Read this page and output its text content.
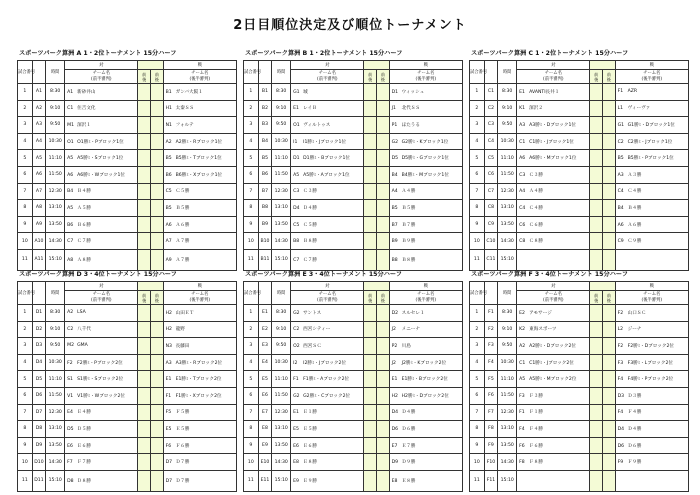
2日目順位決定及び順位トーナメント
スポーツパーク算洲 A 1・2位トーナメント 15分ハーフ
試合番号		時間	対			戦
			チーム名
(前半審判)	前
後	前
後	チーム名
(後半審判)
1	A1	8:30	A1 新砂井山			B1 ガンバ大阪１
2	A2	9:10	C1 住吉文化			H1 太秦ＳＳ
3	A3	9:50	M1 深沢１			N1 フォルテ
4	A4	10:30	O1 O1勝ﾐ・Pブロック1位			A2 A2勝ﾐ・Rブロック1位
5	A5	11:10	A5 A5勝ﾐ・Sブロック1位			B5 B5勝ﾐ・Tブロック1位
6	A6	11:50	A6 A6勝ﾐ・Wブロック1位			B6 B6勝ﾐ・Xブロック1位
7	A7	12:30	B4 Ｂ４勝			C5 Ｃ５勝
8	A8	13:10	A5 Ａ５勝			B5 Ｂ５勝
9	A9	13:50	B6 Ｂ６勝			A6 Ａ６勝
10	A10	14:30	C7 Ｃ７勝			A7 Ａ７勝
11	A11	15:10	A8 Ａ８勝			A9 Ａ７勝
スポーツパーク算洲 B 1・2位トーナメント 15分ハーフ
試合番号		時間	対			戦
			チーム名
(前半審判)	前
後	前
後	チーム名
(後半審判)
1	B1	8:30	G1 城			D1 ウィッシュ
2	B2	9:10	E1 レイＢ			J1 北代ＳＳ
3	B3	9:50	O1 ヴィルトゥス			P1 ほたうる
4	B4	10:30	I1 I1勝ﾐ・Jブロック1位			G2 G2勝ﾐ・Kブロック1位
5	B5	11:10	D1 D1勝ﾐ・Bブロック1位			D5 D5勝ﾐ・Gブロック1位
6	B6	11:50	A5 A5勝ﾐ・Aブロック1位			B4 B4勝ﾐ・Mブロック1位
7	B7	12:30	C3 Ｃ３勝			A4 Ａ４勝
8	B8	13:10	D4 Ｄ４勝			B5 Ｂ５勝
9	B9	13:50	C5 Ｃ５勝			B7 Ｂ７勝
10	B10	14:30	B8 Ｂ８勝			B9 Ｂ９勝
11	B11	15:10	C7 Ｃ７勝			B8 Ｂ８勝
スポーツパーク算洲 C 1・2位トーナメント 15分ハーフ
試合番号		時間	対			戦
			チーム名
(前半審判)	前
後	前
後	チーム名
(後半審判)
1	C1	8:30	E1 AVANTI長井１			F1 AZR
2	C2	9:10	K1 深沢２			L1 ヴィーヴァ
3	C3	9:50	A3 A3勝ﾐ・Dブロック1位			G1 G1勝ﾐ・Dブロック1位
4	C4	10:30	C1 C1勝ﾐ・Jブロック1位			C2 C2勝ﾐ・Jブロック1位
5	C5	11:10	A6 A6勝ﾐ・Mブロック1位			B5 B5勝ﾐ・Pブロック1位
6	C6	11:50	C3 Ｃ３勝			A3 Ａ３勝
7	C7	12:30	A4 Ａ４勝			C4 Ｃ４勝
8	C8	13:10	C4 Ｃ４勝			B4 Ｂ４勝
9	C9	13:50	C6 Ｃ６勝			A6 Ａ６勝
10	C10	14:30	C8 Ｃ８勝			C9 Ｃ９勝
11	C11	15:10				
スポーツパーク算洲 D 3・4位トーナメント 15分ハーフ
試合番号		時間	対			戦
			チーム名
(前半審判)	前
後	前
後	チーム名
(後半審判)
1	D1	8:30	A2 LSA			H2 山田ＥＴ
2	D2	9:10	C2 八千代			H2 龍野
3	D3	9:50	M2 GMA			N3 長藤田
4	D4	10:30	F2 F2勝ﾐ・Pブロック2位			A3 A3勝ﾐ・Rブロック2位
5	D5	11:10	S1 S1勝ﾐ・Sブロック2位			E1 E1勝ﾐ・Tブロック2位
6	D6	11:50	V1 V1勝ﾐ・Wブロック2位			F1 F1勝ﾐ・Xブロック2位
7	D7	12:30	E4 Ｅ４勝			F5 Ｆ５勝
8	D8	13:10	D5 Ｄ５勝			E5 Ｅ５勝
9	D9	13:50	E6 Ｅ６勝			F6 Ｆ６勝
10	D10	14:30	F7 Ｆ７勝			D7 Ｄ７勝
11	D11	15:10	D8 Ｄ８勝			D7 Ｄ７勝
スポーツパーク算洲 E 3・4位トーナメント 15分ハーフ
試合番号		時間	対			戦
			チーム名
(前半審判)	前
後	前
後	チーム名
(後半審判)
1	E1	8:30	G2 サントス			D2 スルセレ１
2	E2	9:10	C2 西宮シティー			J2 メニーナ
3	E3	9:50	O2 西宮ＳＣ			P2 川島
4	E4	10:30	I2 I2勝ﾐ・Jブロック2位			J2 J2勝ﾐ・Kブロック2位
5	E5	11:10	F1 F1勝ﾐ・Aブロック2位			E1 E1勝ﾐ・Bブロック2位
6	E6	11:50	G2 G2勝ﾐ・Cブロック2位			H2 H2勝ﾐ・Dブロック2位
7	E7	12:30	E1 Ｅ１勝			D4 Ｄ４勝
8	E8	13:10	E5 Ｅ５勝			D6 Ｄ６勝
9	E9	13:50	E6 Ｅ６勝			E7 Ｅ７勝
10	E10	14:30	E8 Ｅ８勝			D9 Ｄ９勝
11	E11	15:10	E9 Ｅ９勝			E8 Ｅ８勝
スポーツパーク算洲 F 3・4位トーナメント 15分ハーフ
試合番号		時間	対			戦
			チーム名
(前半審判)	前
後	前
後	チーム名
(後半審判)
1	F1	8:30	E2 アモサージ			F2 山口ＳＣ
2	F2	9:10	K2 東海スポーツ			L2 ジーナ
3	F3	9:50	A2 A2勝ﾐ・Dブロック2位			F2 F2勝ﾐ・Dブロック2位
4	F4	10:30	C1 C1勝ﾐ・Jブロック2位			F3 F3勝ﾐ・Lブロック2位
5	F5	11:10	A5 A5勝ﾐ・Mブロック2位			F4 F4勝ﾐ・Pブロック2位
6	F6	11:50	F3 Ｆ３勝			D3 Ｄ３勝
7	F7	12:30	F1 Ｆ１勝			F4 Ｆ４勝
8	F8	13:10	F4 Ｆ４勝			D4 Ｄ４勝
9	F9	13:50	F6 Ｆ６勝			D6 Ｄ６勝
10	F10	14:30	F8 Ｆ８勝			F9 Ｆ９勝
11	F11	15:10				
